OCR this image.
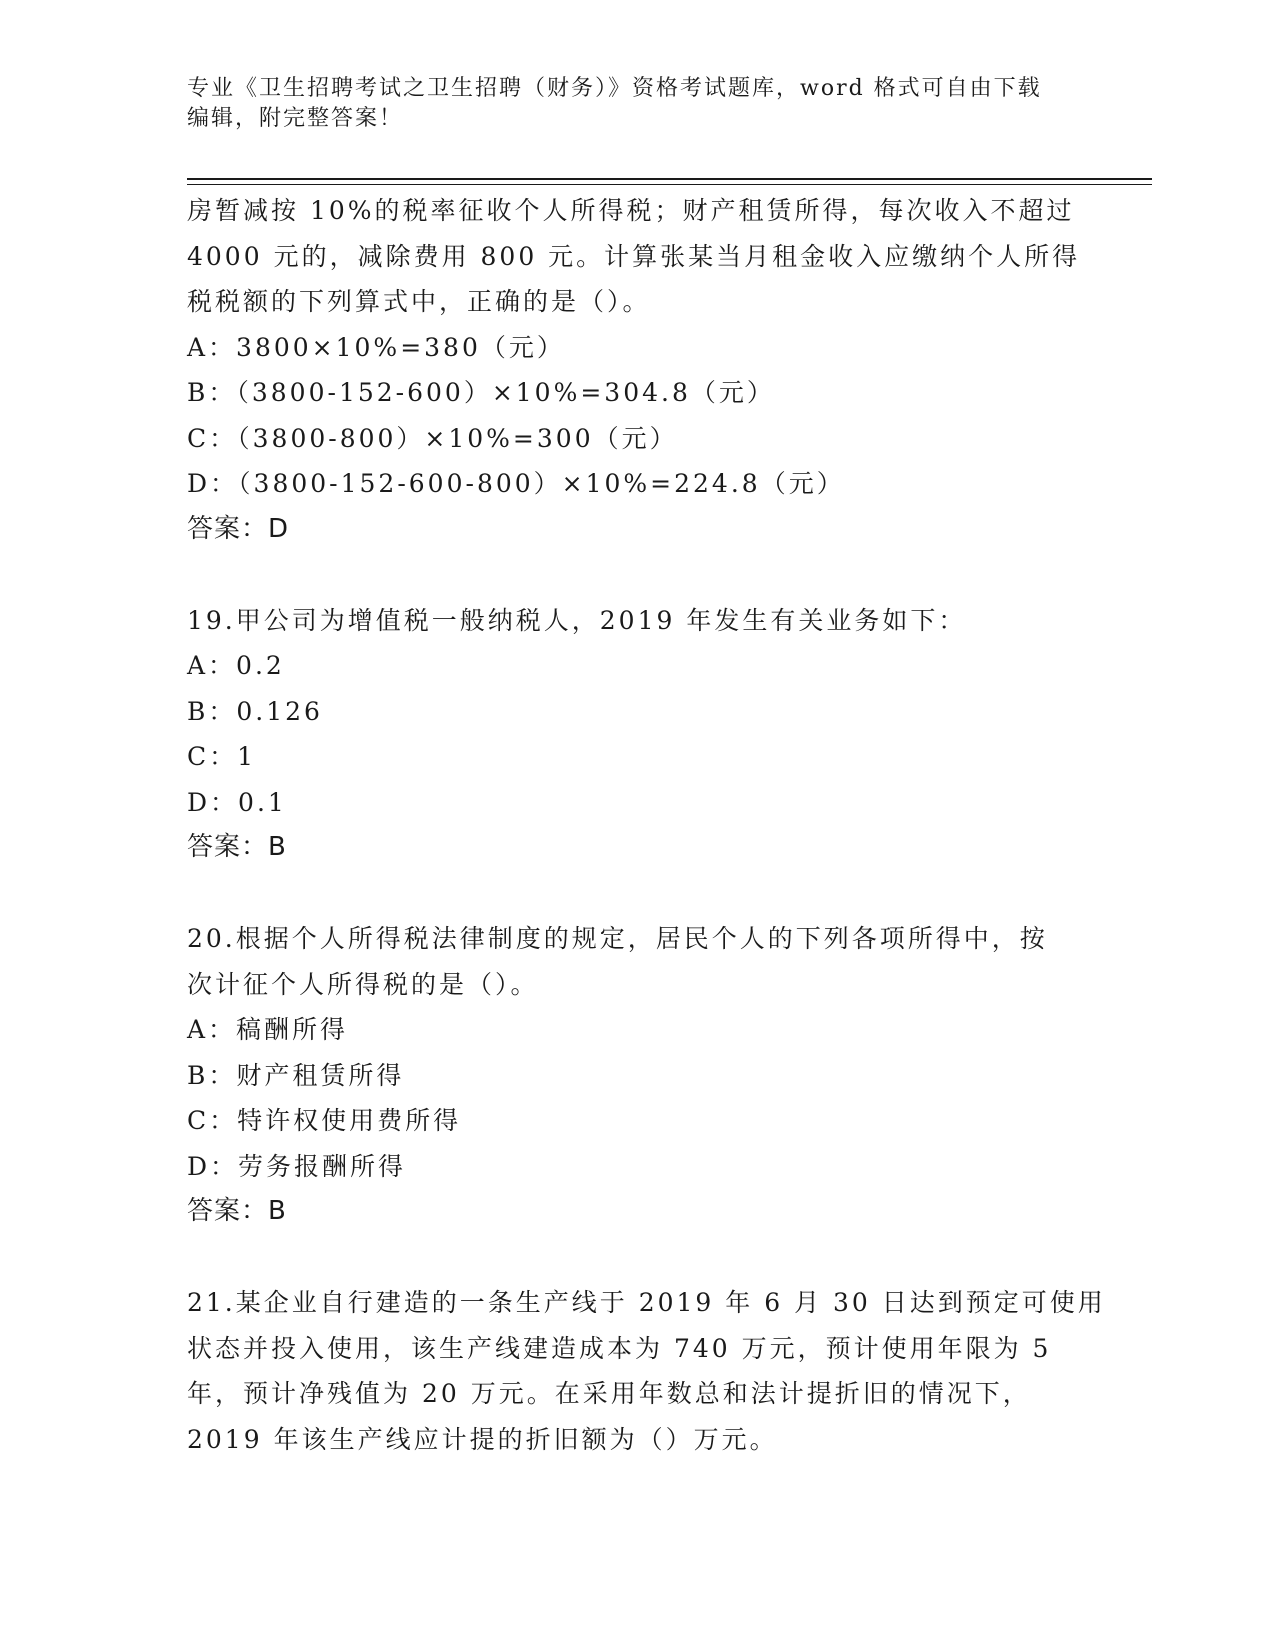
专业《卫生招聘考试之卫生招聘（财务）》资格考试题库，word 格式可自由下载
编辑，附完整答案！
房暂减按 10%的税率征收个人所得税；财产租赁所得，每次收入不超过
4000 元的，减除费用 800 元。计算张某当月租金收入应缴纳个人所得
税税额的下列算式中，正确的是（）。
A：3800×10%=380（元）
B：（3800-152-600）×10%=304.8（元）
C：（3800-800）×10%=300（元）
D：（3800-152-600-800）×10%=224.8（元）
答案：D
19.甲公司为增值税一般纳税人，2019 年发生有关业务如下：
A：0.2
B：0.126
C：1
D：0.1
答案：B
20.根据个人所得税法律制度的规定，居民个人的下列各项所得中，按
次计征个人所得税的是（）。
A：稿酬所得
B：财产租赁所得
C：特许权使用费所得
D：劳务报酬所得
答案：B
21.某企业自行建造的一条生产线于 2019 年 6 月 30 日达到预定可使用
状态并投入使用，该生产线建造成本为 740 万元，预计使用年限为 5
年，预计净残值为 20 万元。在采用年数总和法计提折旧的情况下，
2019 年该生产线应计提的折旧额为（）万元。
